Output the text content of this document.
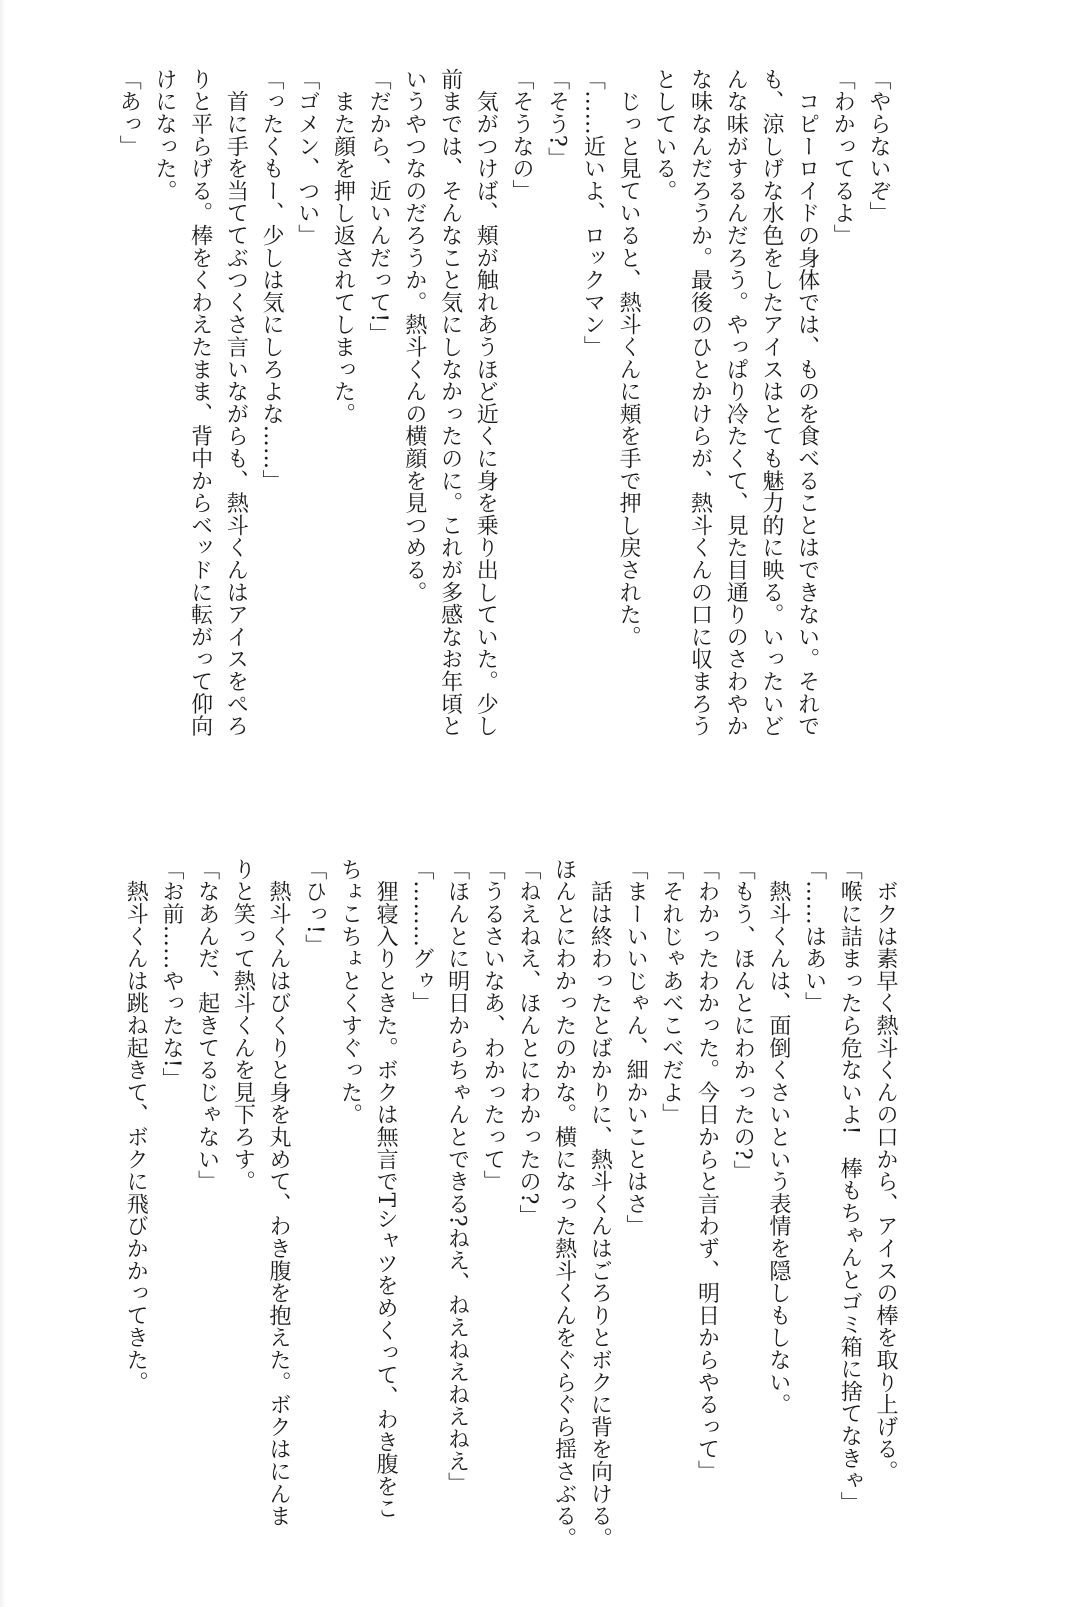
「やらないぞ」
「わかってるよ」
　コピーロイドの身体では、ものを食べることはできない。それで
も、涼しげな水色をしたアイスはとても魅力的に映る。いったいど
んな味がするんだろう。やっぱり冷たくて、見た目通りのさわやか
な味なんだろうか。最後のひとかけらが、熱斗くんの口に収まろう
としている。
　じっと見ていると、熱斗くんに頬を手で押し戻された。
「……近いよ、ロックマン」
「そう?」
「そうなの」
　気がつけば、頬が触れあうほど近くに身を乗り出していた。少し
前までは、そんなこと気にしなかったのに。これが多感なお年頃と
いうやつなのだろうか。熱斗くんの横顔を見つめる。
「だから、近いんだって!」
　また顔を押し返されてしまった。
「ゴメン、つい」
「ったくもー、少しは気にしろよな……」
　首に手を当ててぶつくさ言いながらも、熱斗くんはアイスをぺろ
りと平らげる。棒をくわえたまま、背中からベッドに転がって仰向
けになった。
「あっ」
　ボクは素早く熱斗くんの口から、アイスの棒を取り上げる。
「喉に詰まったら危ないよ!　棒もちゃんとゴミ箱に捨てなきゃ」
「……はあい」
　熱斗くんは、面倒くさいという表情を隠しもしない。
「もう、ほんとにわかったの?」
「わかったわかった。今日からと言わず、明日からやるって」
「それじゃあべこべだよ」
「まーいいじゃん、細かいことはさ」
　話は終わったとばかりに、熱斗くんはごろりとボクに背を向ける。
ほんとにわかったのかな。横になった熱斗くんをぐらぐら揺さぶる。
「ねえねえ、ほんとにわかったの?」
「うるさいなあ、わかったって」
「ほんとに明日からちゃんとできる?ねえ、ねえねえねえねえ」
「………グゥ」
　狸寝入りときた。ボクは無言でTシャツをめくって、わき腹をこ
ちょこちょとくすぐった。
「ひっ!」
　熱斗くんはびくりと身を丸めて、わき腹を抱えた。ボクはにんま
りと笑って熱斗くんを見下ろす。
「なあんだ、起きてるじゃない」
「お前……やったな!」
　熱斗くんは跳ね起きて、ボクに飛びかかってきた。
